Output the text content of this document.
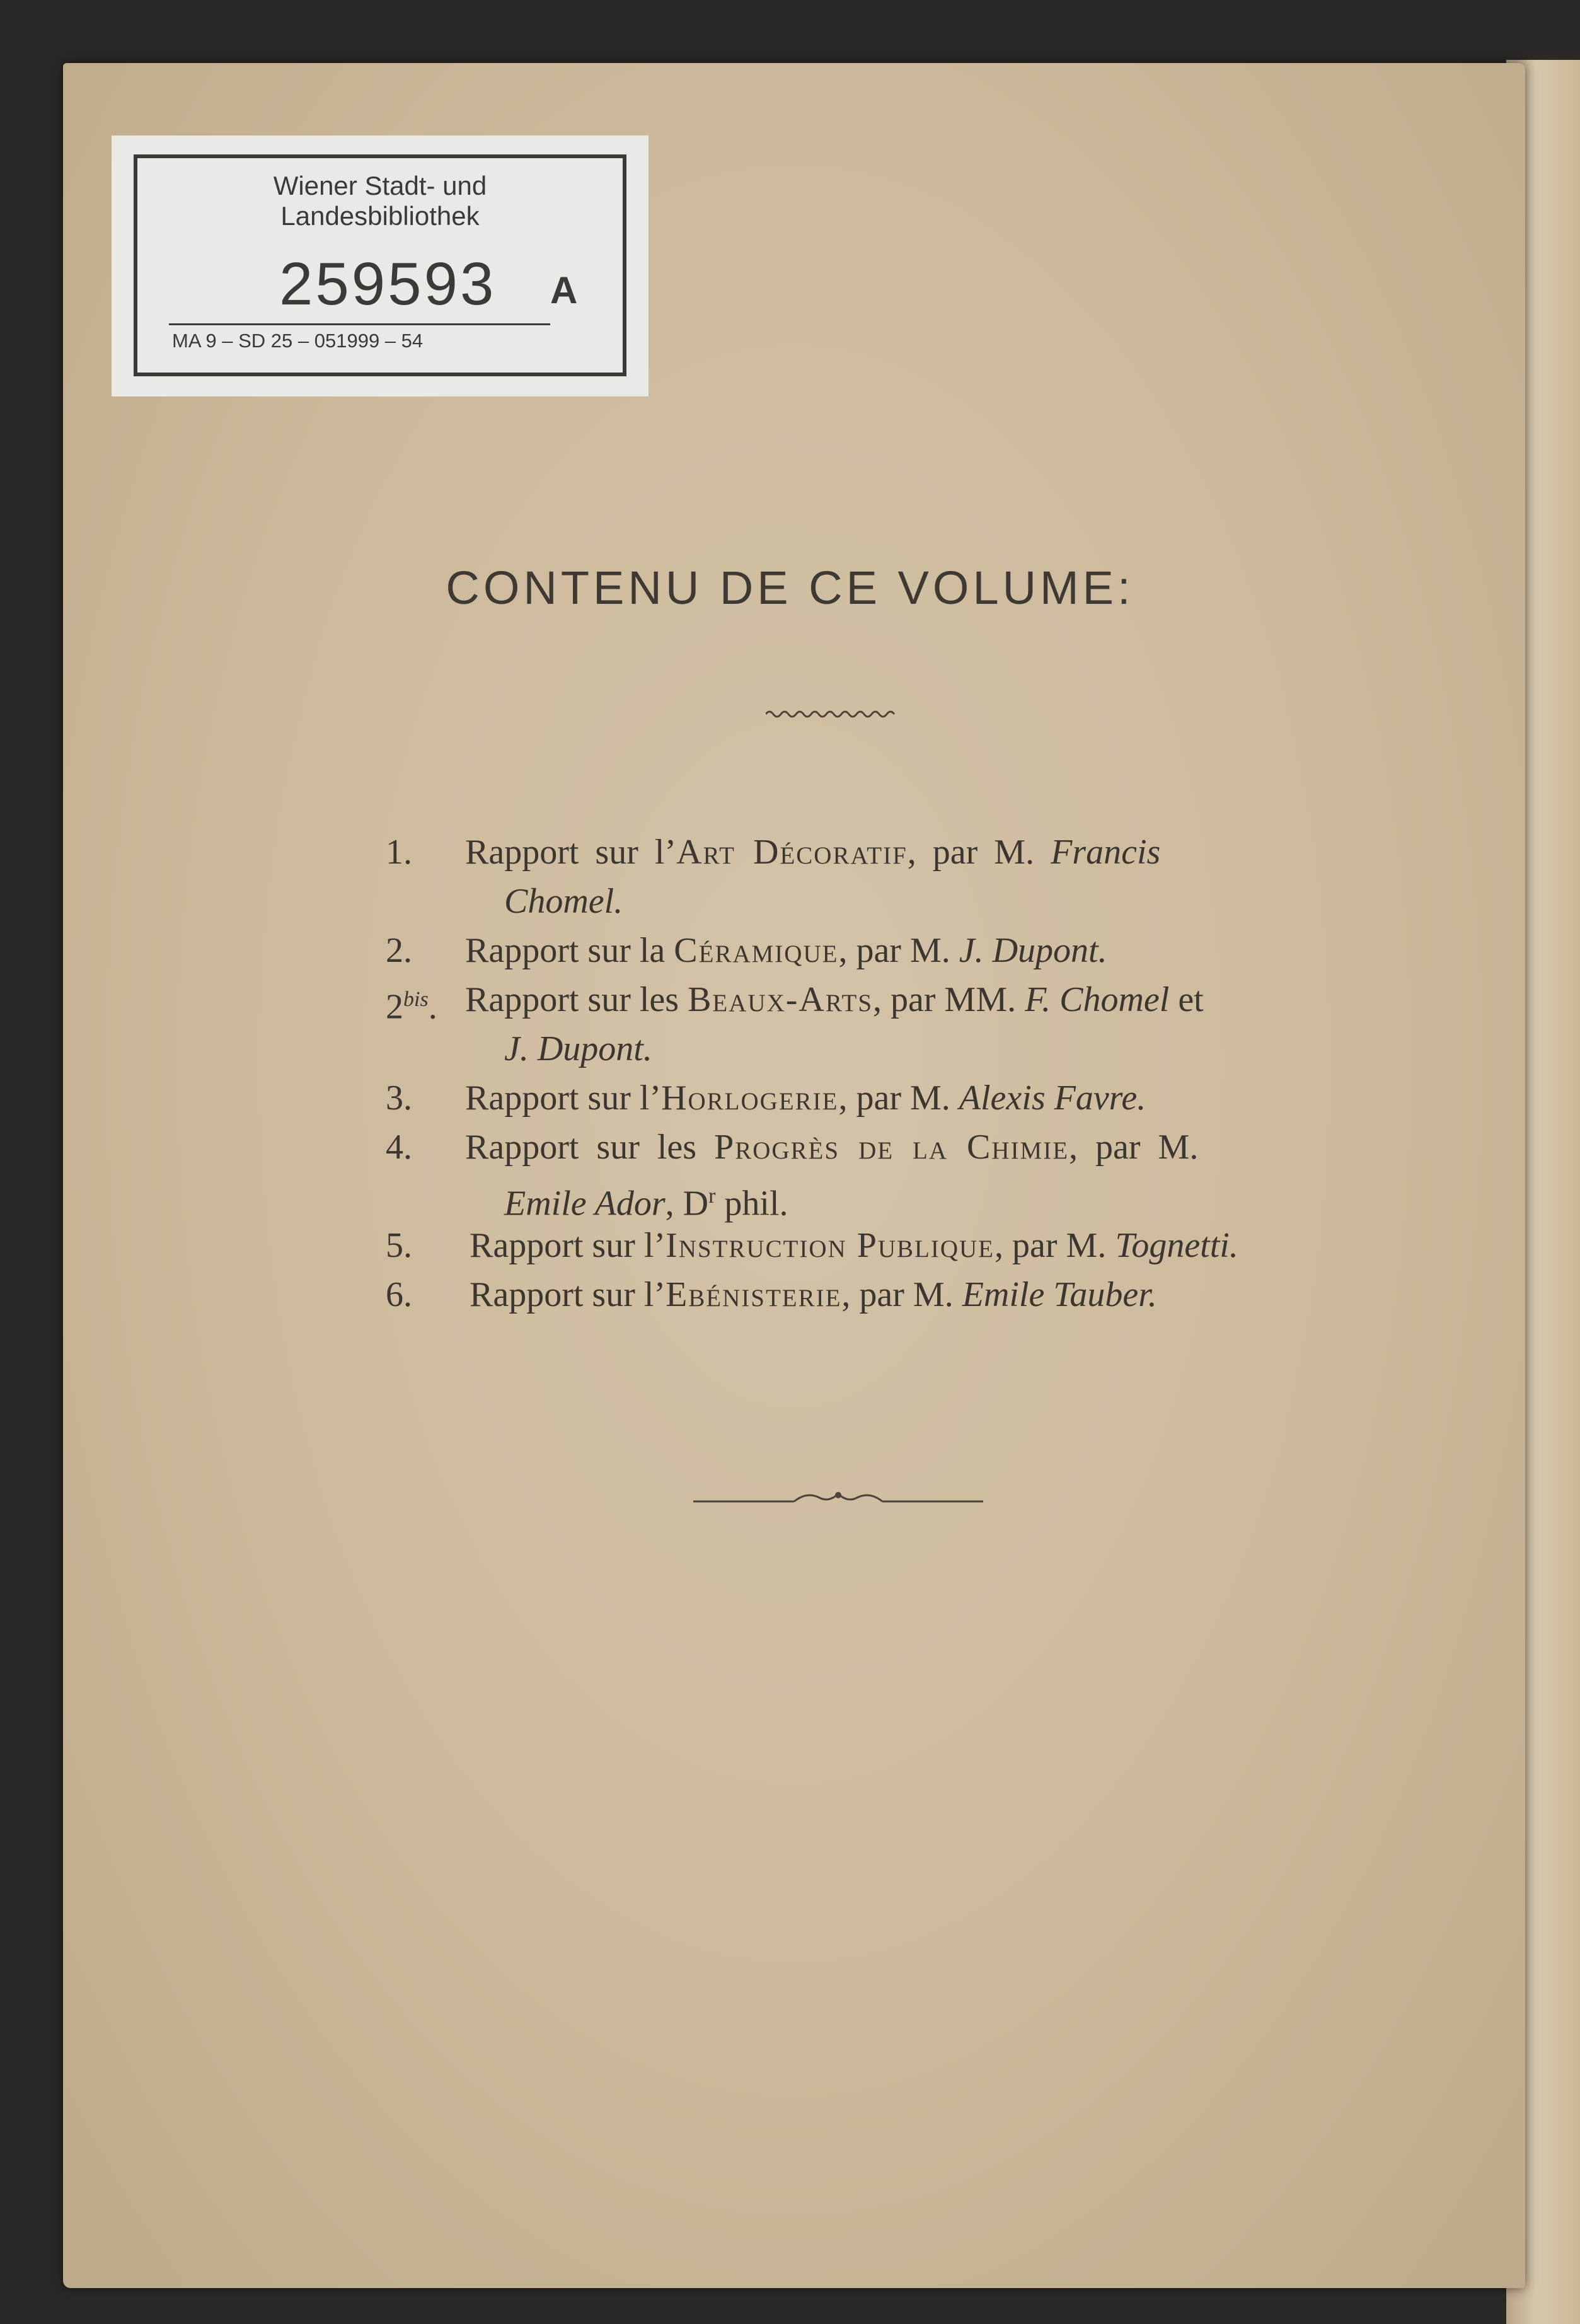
Wiener Stadt- und
Landesbibliothek
259593 A
MA 9 – SD 25 – 051999 – 54
CONTENU DE CE VOLUME:
1. Rapport sur l’Art Décoratif, par M. Francis
Chomel.
2. Rapport sur la Céramique, par M. J. Dupont.
$2^{bis}$. Rapport sur les Beaux-Arts, par MM. F. Chomel et
J. Dupont.
3. Rapport sur l’Horlogerie, par M. Alexis Favre.
4. Rapport sur les Progrès de la Chimie, par M.
Emile Ador, $D^r$ phil.
5. Rapport sur l’Instruction Publique, par M. Tognetti.
6. Rapport sur l’Ebénisterie, par M. Emile Tauber.
